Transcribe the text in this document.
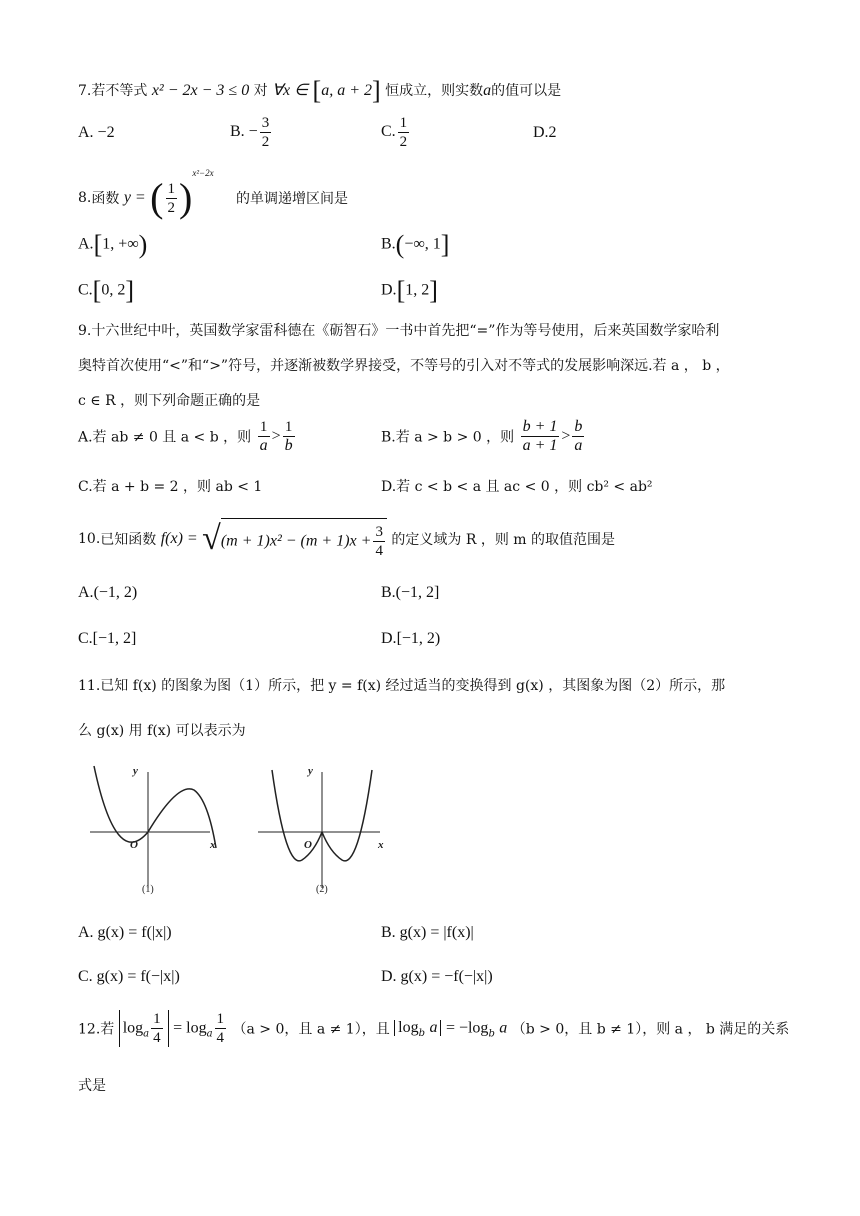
7.若不等式 x² − 2x − 3 ≤ 0 对 ∀x ∈ [a, a + 2] 恒成立，则实数a的值可以是
A. −2	B. − $\frac{3}{2}$	C. $\frac{1}{2}$	D.2
8.函数 y = ( $\frac{1}{2} )^{x^2-2x}$ 的单调递增区间是
A.[1, +∞)	B.(−∞, 1]
C.[0, 2]	D.[1, 2]
9.十六世纪中叶，英国数学家雷科德在《砺智石》一书中首先把“=”作为等号使用，后来英国数学家哈利
奥特首次使用“<”和“>”符号，并逐渐被数学界接受，不等号的引入对不等式的发展影响深远.若 a ， b ，
c ∈ R ，则下列命题正确的是
A.若 ab ≠ 0 且 a < b ，则 $\frac{1}{a} > \frac{1}{b}$	B.若 a > b > 0 ，则 $\frac{b + 1}{a + 1} > \frac{b}{a}$
C.若 a + b = 2 ，则 ab < 1	D.若 c < b < a 且 ac < 0 ，则 cb² < ab²
10.已知函数 $f(x) = √(m + 1)x^2 - (m + 1)x + \frac{3}{4}$ 的定义域为 R ，则 m 的取值范围是
A.(−1, 2)	B.(−1, 2]
C.[−1, 2]	D.[−1, 2)
11.已知 f(x) 的图象为图（1）所示，把 y = f(x) 经过适当的变换得到 g(x) ，其图象为图（2）所示，那
么 g(x) 用 f(x) 可以表示为
y
x
O
(1)
y
x
O
(2)
A. g(x) = f(|x|)	B. g(x) = |f(x)|
C. g(x) = f(−|x|)	D. g(x) = −f(−|x|)
12.若 $\log_a \frac{1}{4} = \log_a \frac{1}{4} (a > 0$，且 a ≠ 1），且 $\log_b a = -\log_b$ a （b > 0，且 b ≠ 1），则 a ， b 满足的关系
式是
